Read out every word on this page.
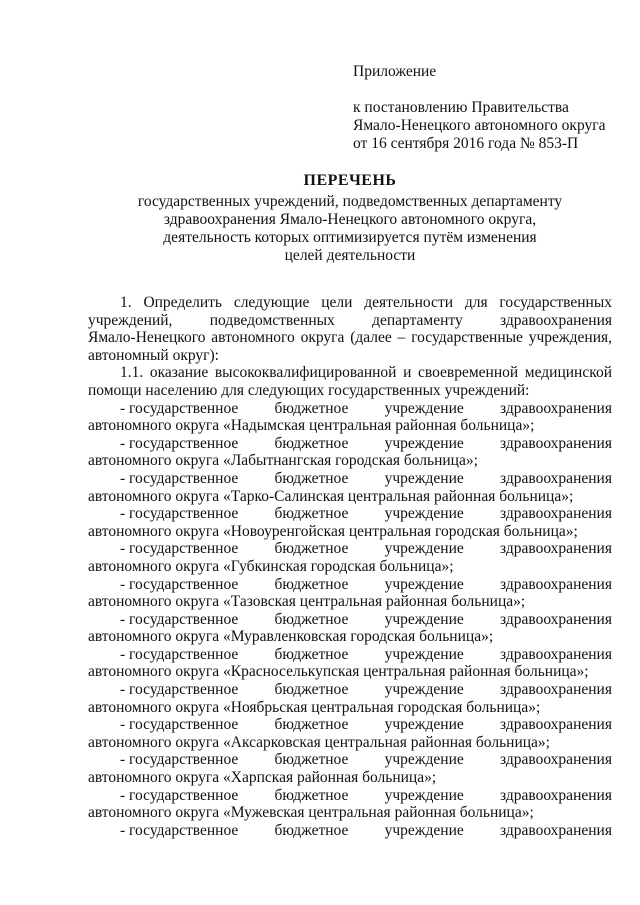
Приложение
к постановлению Правительства
Ямало-Ненецкого автономного округа
от 16 сентября 2016 года № 853-П
ПЕРЕЧЕНЬ
государственных учреждений, подведомственных департаменту
здравоохранения Ямало-Ненецкого автономного округа,
деятельность которых оптимизируется путём изменения
целей деятельности
1. Определить следующие цели деятельности для государственных
учреждений, подведомственных департаменту здравоохранения
Ямало-Ненецкого автономного округа (далее – государственные учреждения,
автономный округ):
1.1. оказание высококвалифицированной и своевременной медицинской
помощи населению для следующих государственных учреждений:
- государственное бюджетное учреждение здравоохранения
автономного округа «Надымская центральная районная больница»;
- государственное бюджетное учреждение здравоохранения
автономного округа «Лабытнангская городская больница»;
- государственное бюджетное учреждение здравоохранения
автономного округа «Тарко-Салинская центральная районная больница»;
- государственное бюджетное учреждение здравоохранения
автономного округа «Новоуренгойская центральная городская больница»;
- государственное бюджетное учреждение здравоохранения
автономного округа «Губкинская городская больница»;
- государственное бюджетное учреждение здравоохранения
автономного округа «Тазовская центральная районная больница»;
- государственное бюджетное учреждение здравоохранения
автономного округа «Муравленковская городская больница»;
- государственное бюджетное учреждение здравоохранения
автономного округа «Красноселькупская центральная районная больница»;
- государственное бюджетное учреждение здравоохранения
автономного округа «Ноябрьская центральная городская больница»;
- государственное бюджетное учреждение здравоохранения
автономного округа «Аксарковская центральная районная больница»;
- государственное бюджетное учреждение здравоохранения
автономного округа «Харпская районная больница»;
- государственное бюджетное учреждение здравоохранения
автономного округа «Мужевская центральная районная больница»;
- государственное бюджетное учреждение здравоохранения
